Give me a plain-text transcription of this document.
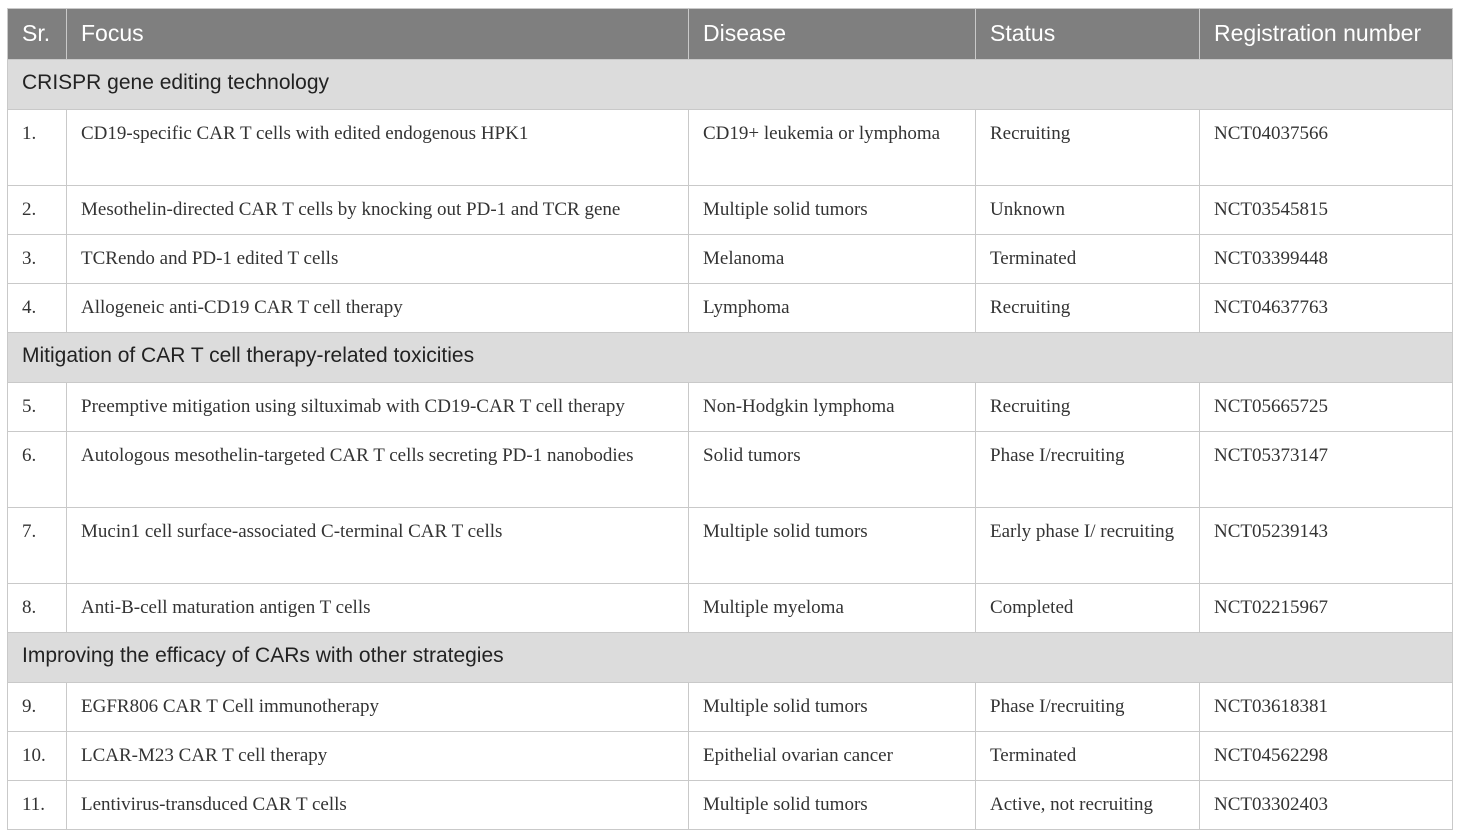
Sr.	Focus	Disease	Status	Registration number
CRISPR gene editing technology				
1.	CD19-specific CAR T cells with edited endogenous HPK1	CD19+ leukemia or lymphoma	Recruiting	NCT04037566
2.	Mesothelin-directed CAR T cells by knocking out PD-1 and TCR gene	Multiple solid tumors	Unknown	NCT03545815
3.	TCRendo and PD-1 edited T cells	Melanoma	Terminated	NCT03399448
4.	Allogeneic anti-CD19 CAR T cell therapy	Lymphoma	Recruiting	NCT04637763
Mitigation of CAR T cell therapy-related toxicities				
5.	Preemptive mitigation using siltuximab with CD19-CAR T cell therapy	Non-Hodgkin lymphoma	Recruiting	NCT05665725
6.	Autologous mesothelin-targeted CAR T cells secreting PD-1 nanobodies	Solid tumors	Phase I/recruiting	NCT05373147
7.	Mucin1 cell surface-associated C-terminal CAR T cells	Multiple solid tumors	Early phase I/ recruiting	NCT05239143
8.	Anti-B-cell maturation antigen T cells	Multiple myeloma	Completed	NCT02215967
Improving the efficacy of CARs with other strategies				
9.	EGFR806 CAR T Cell immunotherapy	Multiple solid tumors	Phase I/recruiting	NCT03618381
10.	LCAR-M23 CAR T cell therapy	Epithelial ovarian cancer	Terminated	NCT04562298
11.	Lentivirus-transduced CAR T cells	Multiple solid tumors	Active, not recruiting	NCT03302403
